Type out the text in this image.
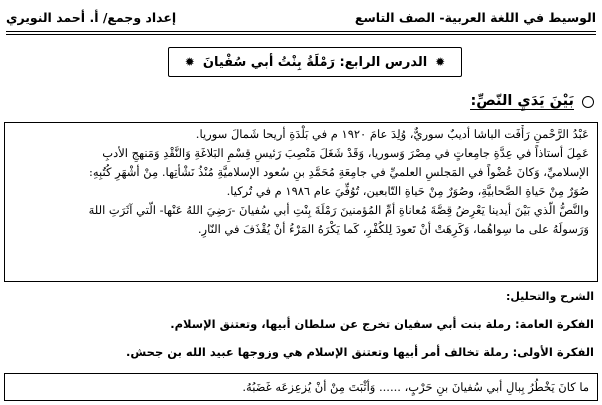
الوسيط في اللغة العربية- الصف التاسع
إعداد وجمع/ أ. أحمد النويري
✹
الدرس الرابع: رَمْلَةُ بِنْتُ أبي سُفْيانَ
✹
بَيْنَ يَدَيِ النّصِّ:

عَبْدُ الرَّحْمنِ رَأْفَت الباشا أديبٌ سوريٌّ، وُلِدَ عامَ ١٩٢٠ م في بَلْدَةِ أريحا شَمالَ سوريا.

عَمِلَ أستاذاً في عِدَّةِ جامِعاتٍ في مِصْرَ وَسوريا، وَقَدْ شَغَلَ مَنْصِبَ رَئيسِ قِسْمِ البَلاغَةِ وَالنَّقْدِ وَمَنهجِ الأدبِ

الإسلاميِّ، وَكانَ عُضْواً في المَجلسِ العلميِّ في جامِعَةِ مُحَمَّدِ بنِ سُعود الإسلاميَّةِ مُنْذُ نَشْأتِها. مِنْ أشْهَرِ كُتُبِهِ:

صُوَرٌ مِنْ حَياةِ الصَّحابيَّةِ، وصُوَرٌ مِنْ حَياةِ التّابعين، تُوُفِّيَ عام ١٩٨٦ م في تُركيا.

والنَّصُّ الّذي بَيْنَ أيدينا يَعْرِضُ قِصَّةَ مُعاناةِ أمِّ المُؤمنينَ رَمْلَةَ بِنْتِ أبي سُفيانَ -رَضِيَ اللهُ عَنْها- الّتي آثَرَتِ اللهَ

وَرَسولَهُ على ما سِواهُما، وَكَرِهَتْ أنْ تَعودَ لِلكُفْرِ، كَما يَكْرَهُ المَرْءُ أنْ يُقْذَفَ في النّارِ.

الشرح والتحليل:
الفكرة العامة: رملة بنت أبي سفيان تخرج عن سلطان أبيها، وتعتنق الإسلام.
الفكرة الأولى: رملة تخالف أمر أبيها وتعتنق الإسلام هي وزوجها عبيد الله بن جحش.
ما كانَ يَخْطُرُ بِبالِ أبي سُفيانَ بنِ حَرْبٍ، ...... وَأثْبَتَ مِنْ أنْ يُزعِزعَه غَضَبُهُ.
